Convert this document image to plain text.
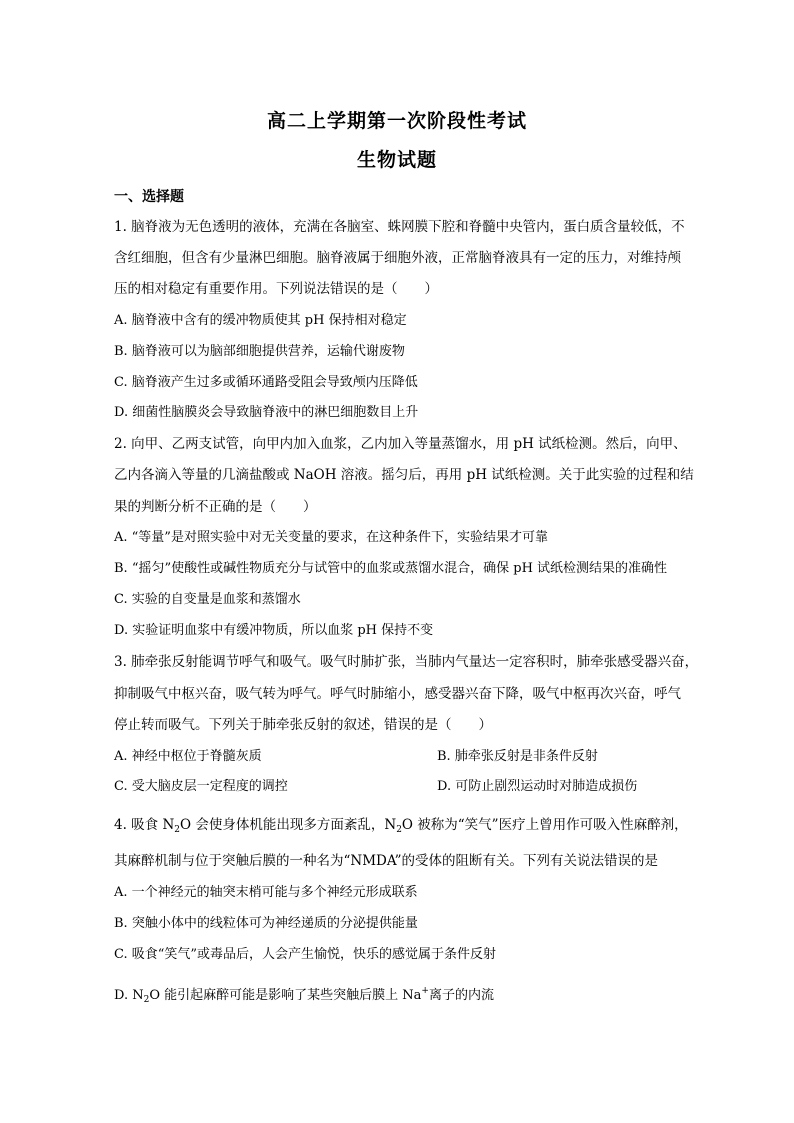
高二上学期第一次阶段性考试
生物试题
一、选择题
1. 脑脊液为无色透明的液体，充满在各脑室、蛛网膜下腔和脊髓中央管内，蛋白质含量较低，不
含红细胞，但含有少量淋巴细胞。脑脊液属于细胞外液，正常脑脊液具有一定的压力，对维持颅
压的相对稳定有重要作用。下列说法错误的是（　　）
A. 脑脊液中含有的缓冲物质使其 pH 保持相对稳定
B. 脑脊液可以为脑部细胞提供营养，运输代谢废物
C. 脑脊液产生过多或循环通路受阻会导致颅内压降低
D. 细菌性脑膜炎会导致脑脊液中的淋巴细胞数目上升
2. 向甲、乙两支试管，向甲内加入血浆，乙内加入等量蒸馏水，用 pH 试纸检测。然后，向甲、
乙内各滴入等量的几滴盐酸或 NaOH 溶液。摇匀后，再用 pH 试纸检测。关于此实验的过程和结
果的判断分析不正确的是（　　）
A. “等量”是对照实验中对无关变量的要求，在这种条件下，实验结果才可靠
B. “摇匀”使酸性或碱性物质充分与试管中的血浆或蒸馏水混合，确保 pH 试纸检测结果的准确性
C. 实验的自变量是血浆和蒸馏水
D. 实验证明血浆中有缓冲物质，所以血浆 pH 保持不变
3. 肺牵张反射能调节呼气和吸气。吸气时肺扩张，当肺内气量达一定容积时，肺牵张感受器兴奋，
抑制吸气中枢兴奋，吸气转为呼气。呼气时肺缩小，感受器兴奋下降，吸气中枢再次兴奋，呼气
停止转而吸气。下列关于肺牵张反射的叙述，错误的是（　　）
A. 神经中枢位于脊髓灰质	B. 肺牵张反射是非条件反射
C. 受大脑皮层一定程度的调控	D. 可防止剧烈运动时对肺造成损伤
4. 吸食 $N_2O$ 会使身体机能出现多方面紊乱，$N_2O$ 被称为“笑气”医疗上曾用作可吸入性麻醉剂，
其麻醉机制与位于突触后膜的一种名为“NMDA”的受体的阻断有关。下列有关说法错误的是
A. 一个神经元的轴突末梢可能与多个神经元形成联系
B. 突触小体中的线粒体可为神经递质的分泌提供能量
C. 吸食“笑气”或毒品后，人会产生愉悦，快乐的感觉属于条件反射
D. $N_2O$ 能引起麻醉可能是影响了某些突触后膜上 Na+离子的内流
